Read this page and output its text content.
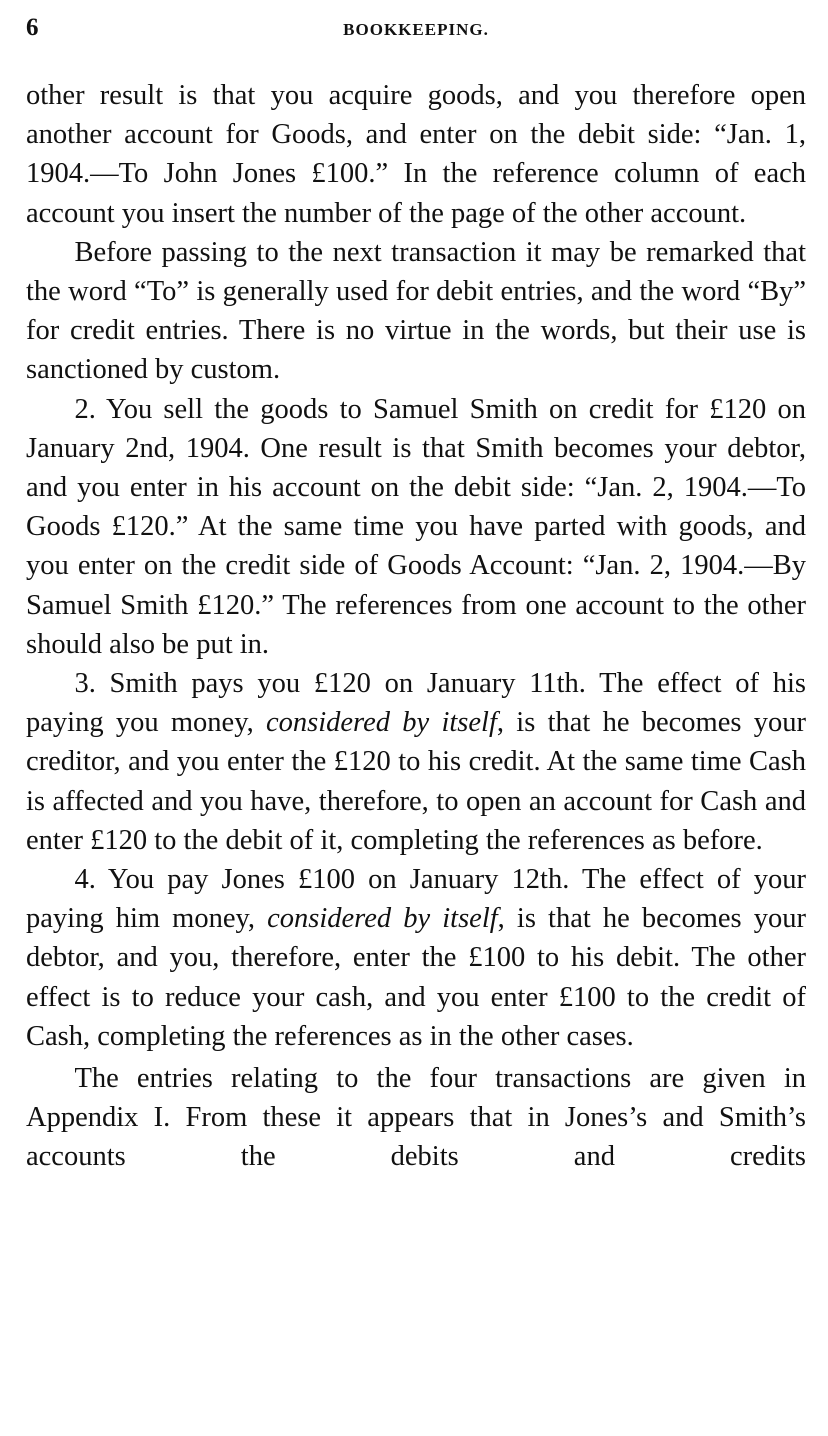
6	BOOKKEEPING.

other result is that you acquire goods, and you therefore open another account for Goods, and enter on the debit side: “Jan. 1, 1904.—To John Jones £100.” In the reference column of each account you insert the number of the page of the other account.

Before passing to the next transaction it may be remarked that the word “To” is generally used for debit entries, and the word “By” for credit entries. There is no virtue in the words, but their use is sanctioned by custom.

2. You sell the goods to Samuel Smith on credit for £120 on January 2nd, 1904. One result is that Smith becomes your debtor, and you enter in his account on the debit side: “Jan. 2, 1904.—To Goods £120.” At the same time you have parted with goods, and you enter on the credit side of Goods Account: “Jan. 2, 1904.—By Samuel Smith £120.” The references from one account to the other should also be put in.

3. Smith pays you £120 on January 11th. The effect of his paying you money, considered by itself, is that he becomes your creditor, and you enter the £120 to his credit. At the same time Cash is affected and you have, therefore, to open an account for Cash and enter £120 to the debit of it, completing the references as before.

4. You pay Jones £100 on January 12th. The effect of your paying him money, considered by itself, is that he becomes your debtor, and you, therefore, enter the £100 to his debit. The other effect is to reduce your cash, and you enter £100 to the credit of Cash, completing the references as in the other cases.

The entries relating to the four transactions are given in Appendix I. From these it appears that in Jones’s and Smith’s accounts the debits and credits
